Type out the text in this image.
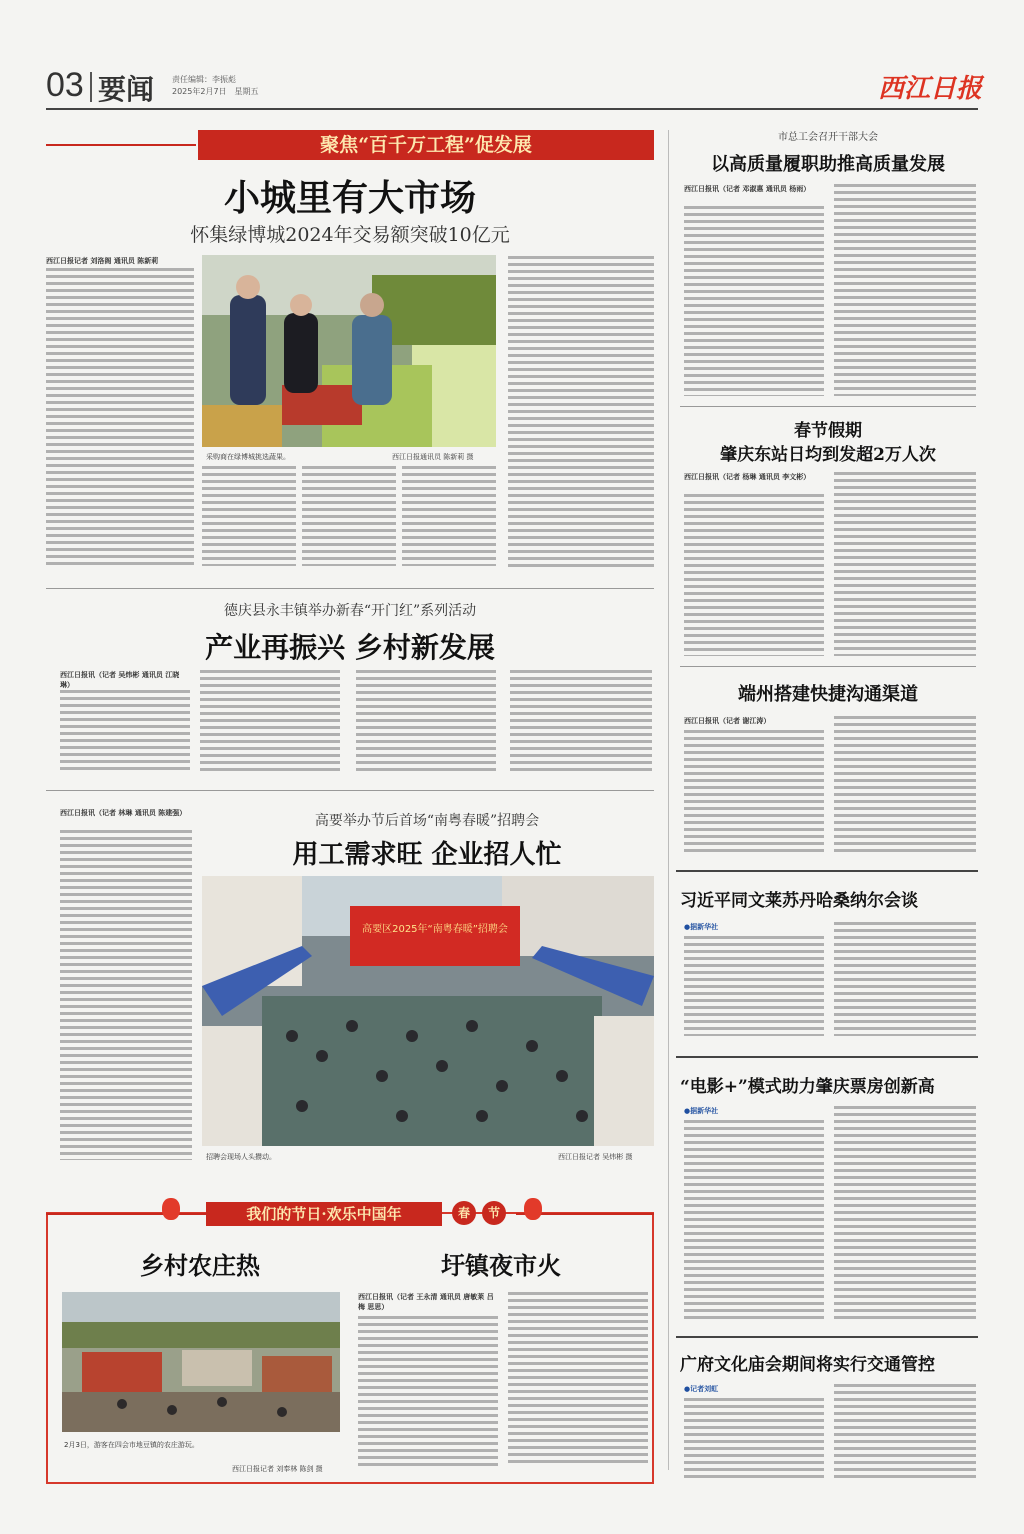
03 要闻 责任编辑：李振彪
2025年2月7日　星期五	西江日报
聚焦“百千万工程”促发展
小城里有大市场
怀集绿博城2024年交易额突破10亿元
西江日报记者 刘洛阁 通讯员 陈新莉
采购商在绿博城挑选蔬果。	西江日报通讯员 陈新莉 摄
德庆县永丰镇举办新春“开门红”系列活动
产业再振兴 乡村新发展
西江日报讯（记者 吴炜彬 通讯员 江晓琳）
西江日报讯（记者 林琳 通讯员 陈建强）	高要举办节后首场“南粤春暖”招聘会
用工需求旺 企业招人忙
高要区2025年“南粤春暖”招聘会
招聘会现场人头攒动。	西江日报记者 吴炜彬 摄
我们的节日·欢乐中国年	春	节
乡村农庄热
2月3日，游客在四会市地豆镇的农庄游玩。
西江日报记者 刘奉林 陈剑 摄
圩镇夜市火
西江日报讯（记者 王永清 通讯员 唐敏莱 吕梅 思思）
市总工会召开干部大会
以高质量履职助推高质量发展
西江日报讯（记者 邓淑惠 通讯员 杨雨）
春节假期
肇庆东站日均到发超2万人次
西江日报讯（记者 杨琳 通讯员 李文彬）
端州搭建快捷沟通渠道
西江日报讯（记者 谢江涛）
习近平同文莱苏丹哈桑纳尔会谈
●据新华社
“电影+”模式助力肇庆票房创新高
●据新华社
广府文化庙会期间将实行交通管控
●记者刘虹
